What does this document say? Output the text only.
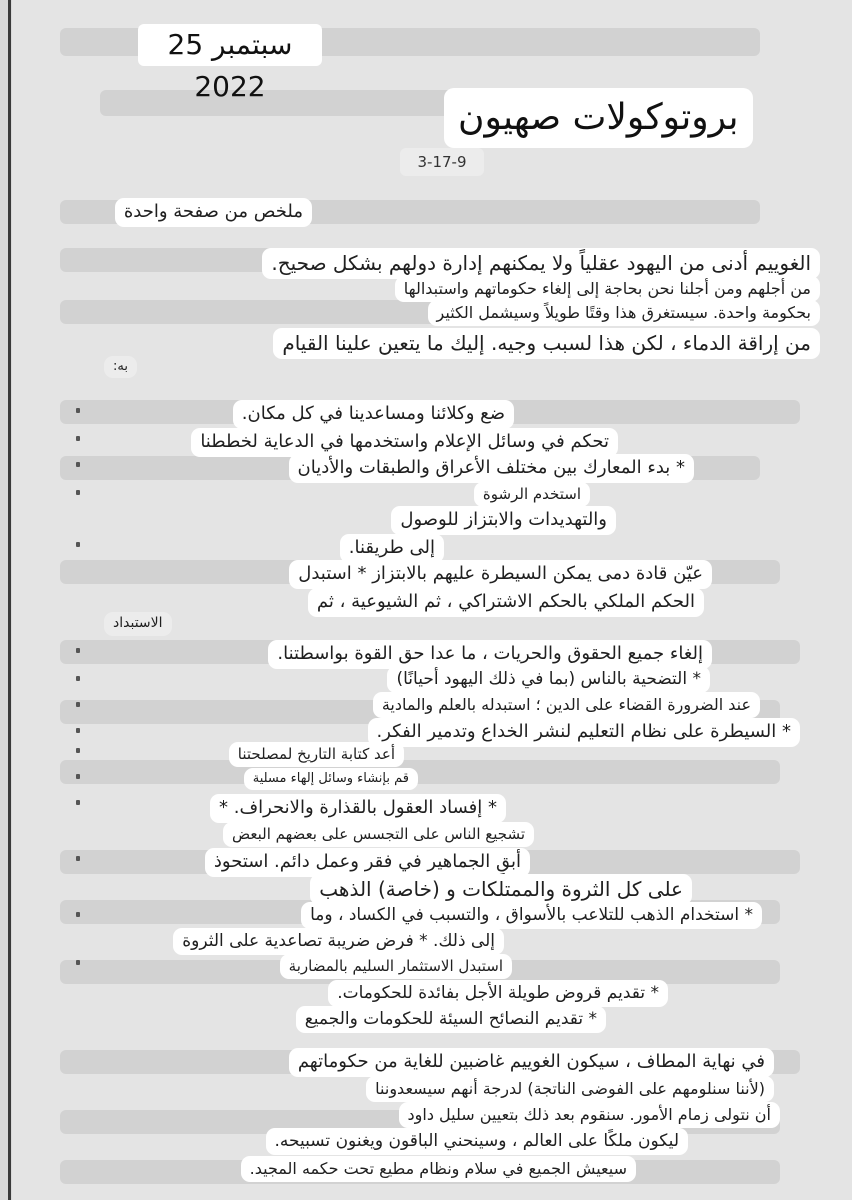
25 سبتمبر 2022
بروتوكولات صهيون
3-17-9
ملخص من صفحة واحدة
الغوييم أدنى من اليهود عقلياً ولا يمكنهم إدارة دولهم بشكل صحيح.
من أجلهم ومن أجلنا نحن بحاجة إلى إلغاء حكوماتهم واستبدالها
بحكومة واحدة. سيستغرق هذا وقتًا طويلاً وسيشمل الكثير
من إراقة الدماء ، لكن هذا لسبب وجيه. إليك ما يتعين علينا القيام
به:
ضع وكلائنا ومساعدينا في كل مكان.
تحكم في وسائل الإعلام واستخدمها في الدعاية لخططنا
* بدء المعارك بين مختلف الأعراق والطبقات والأديان
استخدم الرشوة
والتهديدات والابتزاز للوصول
إلى طريقنا.
عيّن قادة دمى يمكن السيطرة عليهم بالابتزاز * استبدل
الحكم الملكي بالحكم الاشتراكي ، ثم الشيوعية ، ثم
الاستبداد
إلغاء جميع الحقوق والحريات ، ما عدا حق القوة بواسطتنا.
* التضحية بالناس (بما في ذلك اليهود أحيانًا)
عند الضرورة القضاء على الدين ؛ استبدله بالعلم والمادية
* السيطرة على نظام التعليم لنشر الخداع وتدمير الفكر.
أعد كتابة التاريخ لمصلحتنا
قم بإنشاء وسائل إلهاء مسلية
* إفساد العقول بالقذارة والانحراف. *
تشجيع الناس على التجسس على بعضهم البعض
أبقِ الجماهير في فقر وعمل دائم. استحوذ
على كل الثروة والممتلكات و (خاصة) الذهب
* استخدام الذهب للتلاعب بالأسواق ، والتسبب في الكساد ، وما
إلى ذلك. * فرض ضريبة تصاعدية على الثروة
استبدل الاستثمار السليم بالمضاربة
* تقديم قروض طويلة الأجل بفائدة للحكومات.
* تقديم النصائح السيئة للحكومات والجميع
في نهاية المطاف ، سيكون الغوييم غاضبين للغاية من حكوماتهم
(لأننا سنلومهم على الفوضى الناتجة) لدرجة أنهم سيسعدوننا
أن نتولى زمام الأمور. سنقوم بعد ذلك بتعيين سليل داود
ليكون ملكًا على العالم ، وسينحني الباقون ويغنون تسبيحه.
سيعيش الجميع في سلام ونظام مطيع تحت حكمه المجيد.
